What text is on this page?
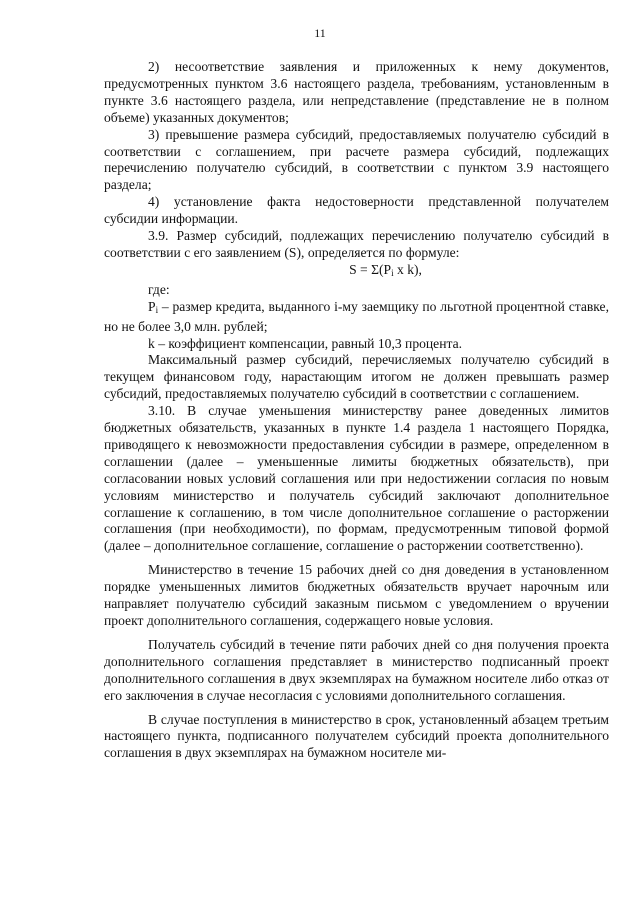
11

2) несоответствие заявления и приложенных к нему документов, предусмотренных пунктом 3.6 настоящего раздела, требованиям, установленным в пункте 3.6 настоящего раздела, или непредставление (представление не в полном объеме) указанных документов;

3) превышение размера субсидий, предоставляемых получателю субсидий в соответствии с соглашением, при расчете размера субсидий, подлежащих перечислению получателю субсидий, в соответствии с пунктом 3.9 настоящего раздела;

4) установление факта недостоверности представленной получателем субсидии информации.

3.9. Размер субсидий, подлежащих перечислению получателю субсидий в соответствии с его заявлением (S), определяется по формуле:

$S = \Sigma(P_i$ x k),

где:

$P_i$ – размер кредита, выданного i-му заемщику по льготной процентной ставке, но не более 3,0 млн. рублей;

k – коэффициент компенсации, равный 10,3 процента.

Максимальный размер субсидий, перечисляемых получателю субсидий в текущем финансовом году, нарастающим итогом не должен превышать размер субсидий, предоставляемых получателю субсидий в соответствии с соглашением.

3.10. В случае уменьшения министерству ранее доведенных лимитов бюджетных обязательств, указанных в пункте 1.4 раздела 1 настоящего Порядка, приводящего к невозможности предоставления субсидии в размере, определенном в соглашении (далее – уменьшенные лимиты бюджетных обязательств), при согласовании новых условий соглашения или при недостижении согласия по новым условиям министерство и получатель субсидий заключают дополнительное соглашение к соглашению, в том числе дополнительное соглашение о расторжении соглашения (при необходимости), по формам, предусмотренным типовой формой (далее – дополнительное соглашение, соглашение о расторжении соответственно).

Министерство в течение 15 рабочих дней со дня доведения в установленном порядке уменьшенных лимитов бюджетных обязательств вручает нарочным или направляет получателю субсидий заказным письмом с уведомлением о вручении проект дополнительного соглашения, содержащего новые условия.

Получатель субсидий в течение пяти рабочих дней со дня получения проекта дополнительного соглашения представляет в министерство подписанный проект дополнительного соглашения в двух экземплярах на бумажном носителе либо отказ от его заключения в случае несогласия с условиями дополнительного соглашения.

В случае поступления в министерство в срок, установленный абзацем третьим настоящего пункта, подписанного получателем субсидий проекта дополнительного соглашения в двух экземплярах на бумажном носителе ми-
